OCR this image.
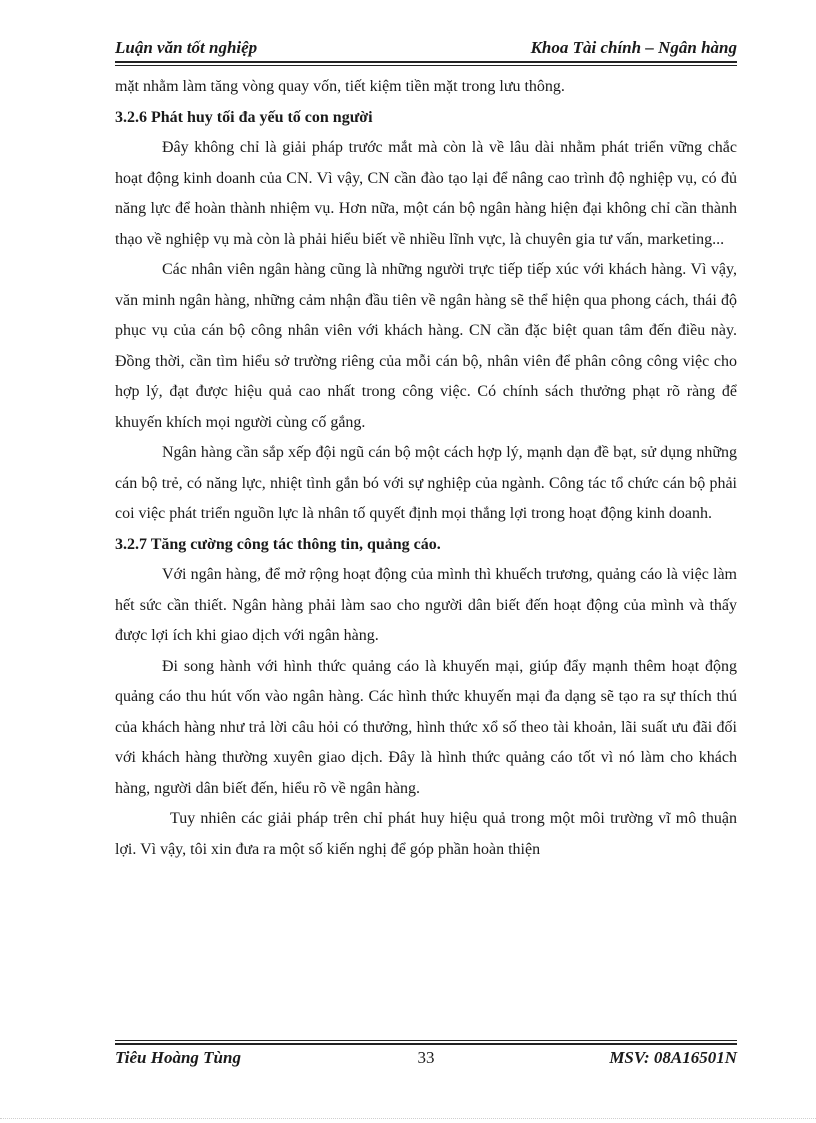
Luận văn tốt nghiệp	Khoa Tài chính – Ngân hàng

mặt nhằm làm tăng vòng quay vốn, tiết kiệm tiền mặt trong lưu thông.

3.2.6 Phát huy tối đa yếu tố con người

Đây không chỉ là giải pháp trước mắt mà còn là về lâu dài nhằm phát triển vững chắc hoạt động kinh doanh của CN. Vì vậy, CN cần đào tạo lại để nâng cao trình độ nghiệp vụ, có đủ năng lực để hoàn thành nhiệm vụ. Hơn nữa, một cán bộ ngân hàng hiện đại không chỉ cần thành thạo về nghiệp vụ mà còn là phải hiểu biết về nhiều lĩnh vực, là chuyên gia tư vấn, marketing...

Các nhân viên ngân hàng cũng là những người trực tiếp tiếp xúc với khách hàng. Vì vậy, văn minh ngân hàng, những cảm nhận đầu tiên về ngân hàng sẽ thể hiện qua phong cách, thái độ phục vụ của cán bộ công nhân viên với khách hàng. CN cần đặc biệt quan tâm đến điều này. Đồng thời, cần tìm hiểu sở trường riêng của mỗi cán bộ, nhân viên để phân công công việc cho hợp lý, đạt được hiệu quả cao nhất trong công việc. Có chính sách thưởng phạt rõ ràng để khuyến khích mọi người cùng cố gắng.

Ngân hàng cần sắp xếp đội ngũ cán bộ một cách hợp lý, mạnh dạn đề bạt, sử dụng những cán bộ trẻ, có năng lực, nhiệt tình gắn bó với sự nghiệp của ngành. Công tác tổ chức cán bộ phải coi việc phát triển nguồn lực là nhân tố quyết định mọi thắng lợi trong hoạt động kinh doanh.

3.2.7 Tăng cường công tác thông tin, quảng cáo.

Với ngân hàng, để mở rộng hoạt động của mình thì khuếch trương, quảng cáo là việc làm hết sức cần thiết. Ngân hàng phải làm sao cho người dân biết đến hoạt động của mình và thấy được lợi ích khi giao dịch với ngân hàng.

Đi song hành với hình thức quảng cáo là khuyến mại, giúp đẩy mạnh thêm hoạt động quảng cáo thu hút vốn vào ngân hàng. Các hình thức khuyến mại đa dạng sẽ tạo ra sự thích thú của khách hàng như trả lời câu hỏi có thưởng, hình thức xổ số theo tài khoản, lãi suất ưu đãi đối với khách hàng thường xuyên giao dịch. Đây là hình thức quảng cáo tốt vì nó làm cho khách hàng, người dân biết đến, hiểu rõ về ngân hàng.

Tuy nhiên các giải pháp trên chỉ phát huy hiệu quả trong một môi trường vĩ mô thuận lợi. Vì vậy, tôi xin đưa ra một số kiến nghị để góp phần hoàn thiện

Tiêu Hoàng Tùng	33	MSV: 08A16501N
